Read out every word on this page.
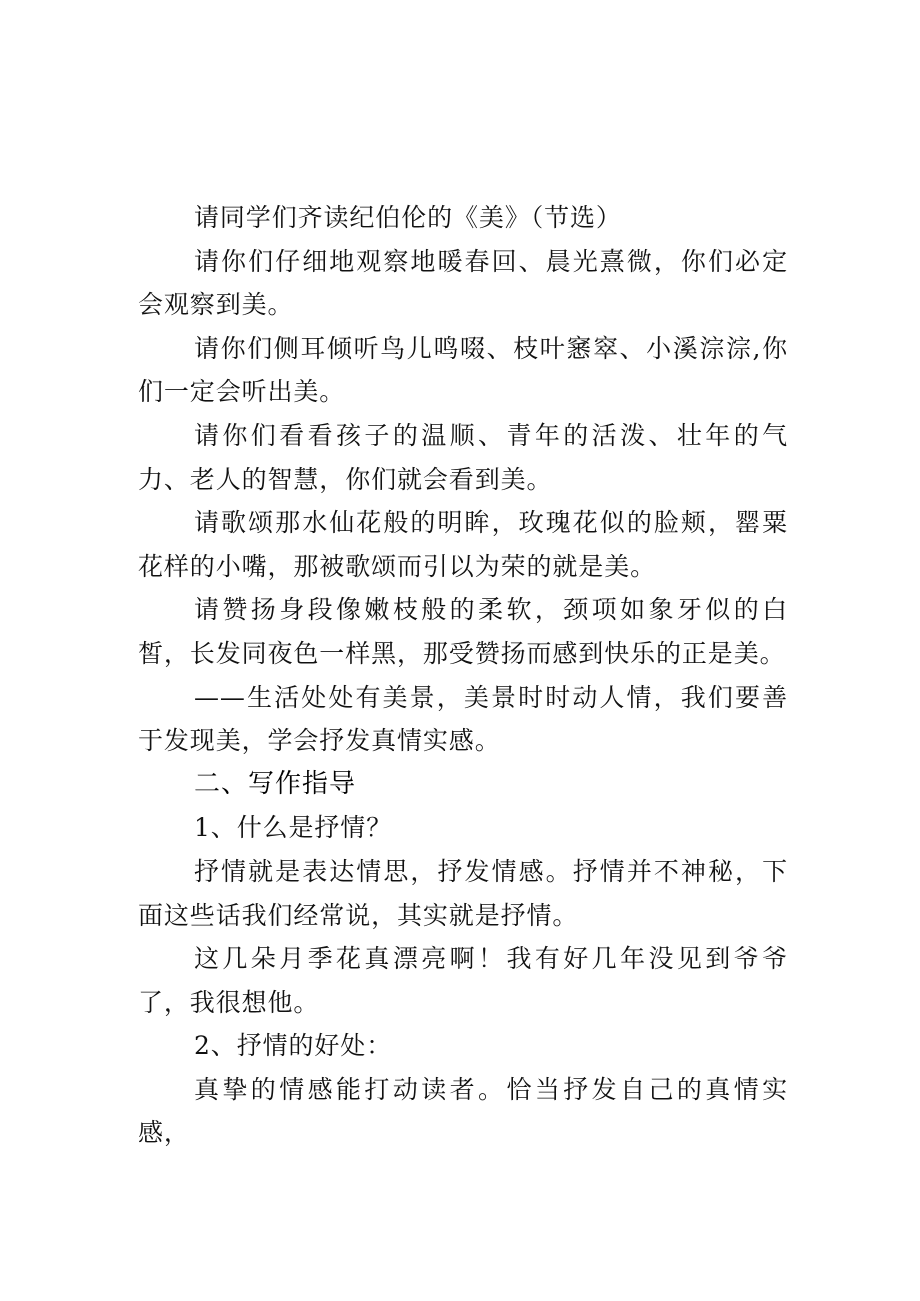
请同学们齐读纪伯伦的《美》（节选）

请你们仔细地观察地暖春回、晨光熹微，你们必定会观察到美。

请你们侧耳倾听鸟儿鸣啜、枝叶窸窣、小溪淙淙,你们一定会听出美。

请你们看看孩子的温顺、青年的活泼、壮年的气力、老人的智慧，你们就会看到美。

请歌颂那水仙花般的明眸，玫瑰花似的脸颊，罂粟花样的小嘴，那被歌颂而引以为荣的就是美。

请赞扬身段像嫩枝般的柔软，颈项如象牙似的白皙，长发同夜色一样黑，那受赞扬而感到快乐的正是美。

——生活处处有美景，美景时时动人情，我们要善于发现美，学会抒发真情实感。

二、写作指导

1、什么是抒情？

抒情就是表达情思，抒发情感。抒情并不神秘，下面这些话我们经常说，其实就是抒情。

这几朵月季花真漂亮啊！我有好几年没见到爷爷了，我很想他。

2、抒情的好处：

真挚的情感能打动读者。恰当抒发自己的真情实感，
